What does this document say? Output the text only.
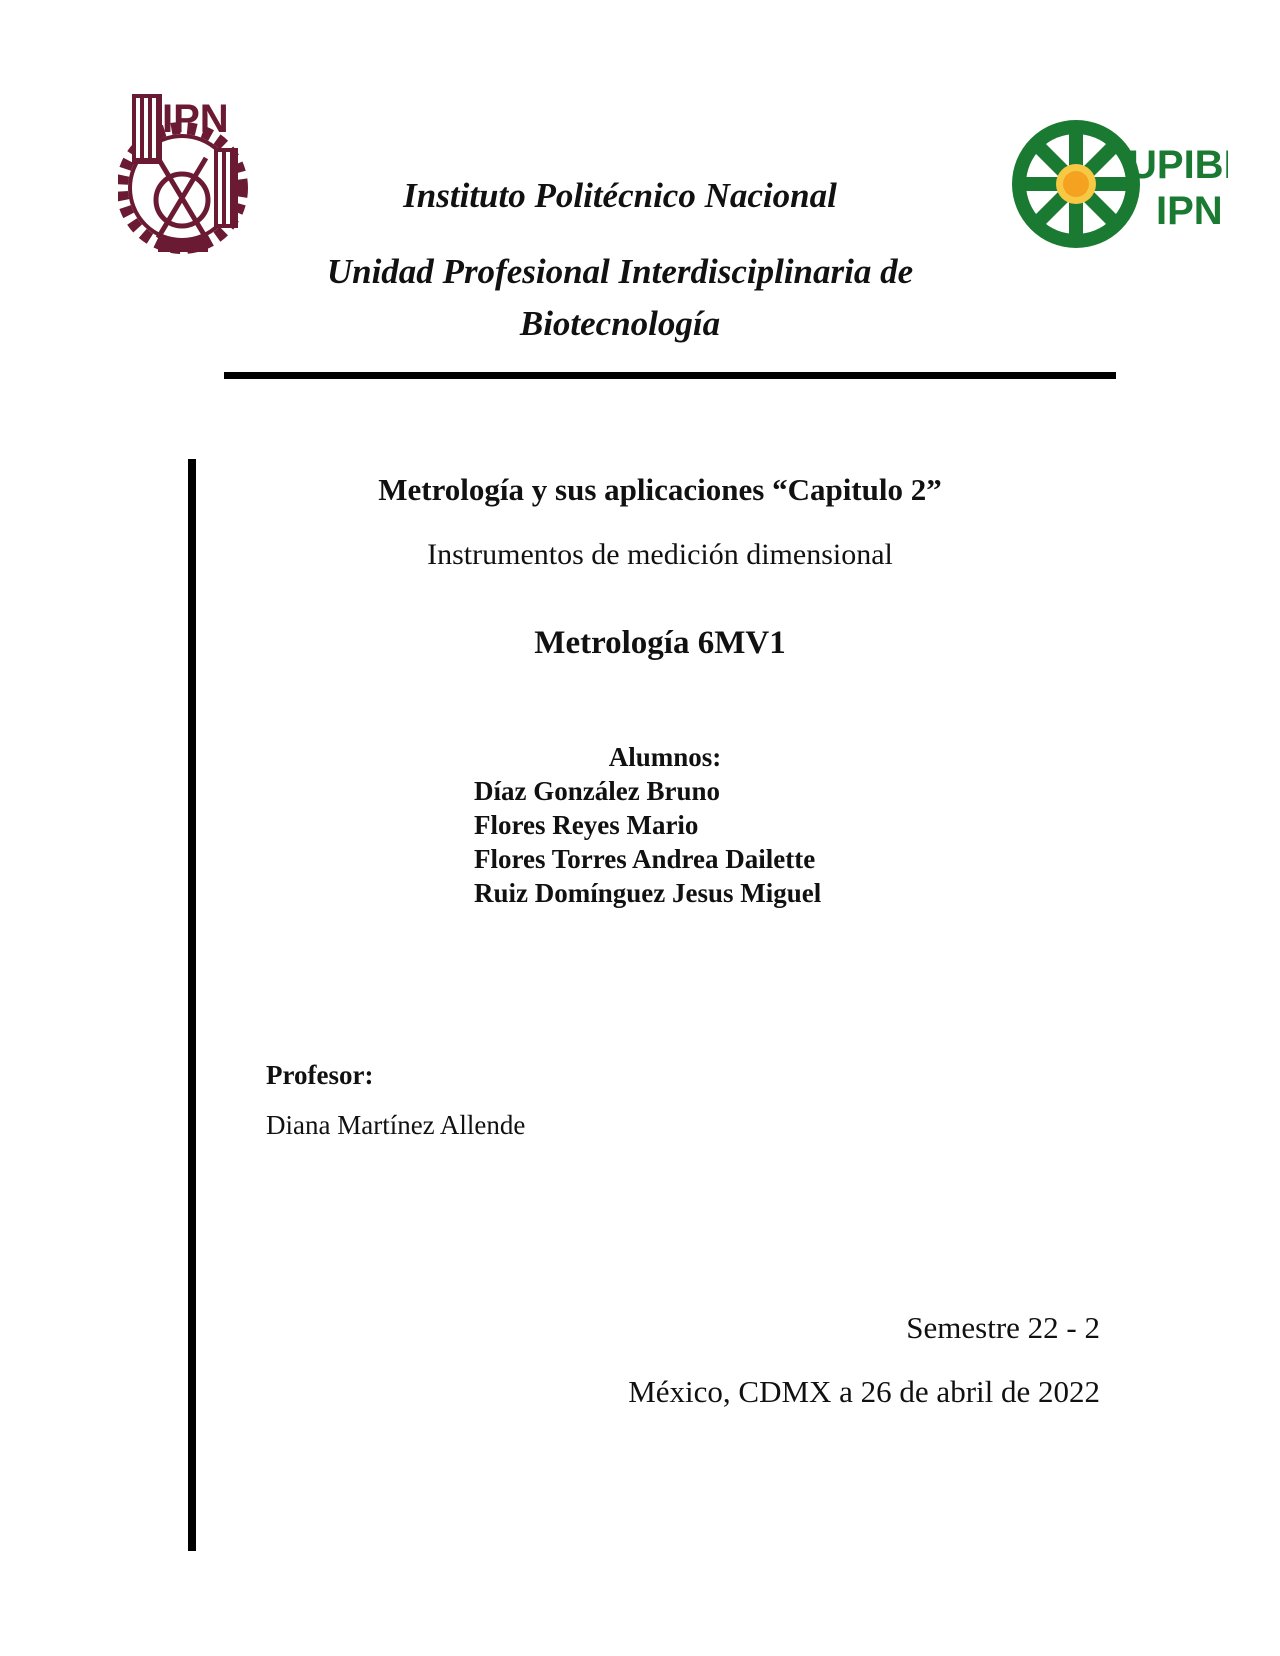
IPN
UPIBI
IPN
Instituto Politécnico Nacional
Unidad Profesional Interdisciplinaria de Biotecnología
Metrología y sus aplicaciones “Capitulo 2”
Instrumentos de medición dimensional
Metrología 6MV1
Alumnos:
Díaz González Bruno
Flores Reyes Mario
Flores Torres Andrea Dailette
Ruiz Domínguez Jesus Miguel
Profesor:
Diana Martínez Allende
Semestre 22 - 2
México, CDMX a 26 de abril de 2022
